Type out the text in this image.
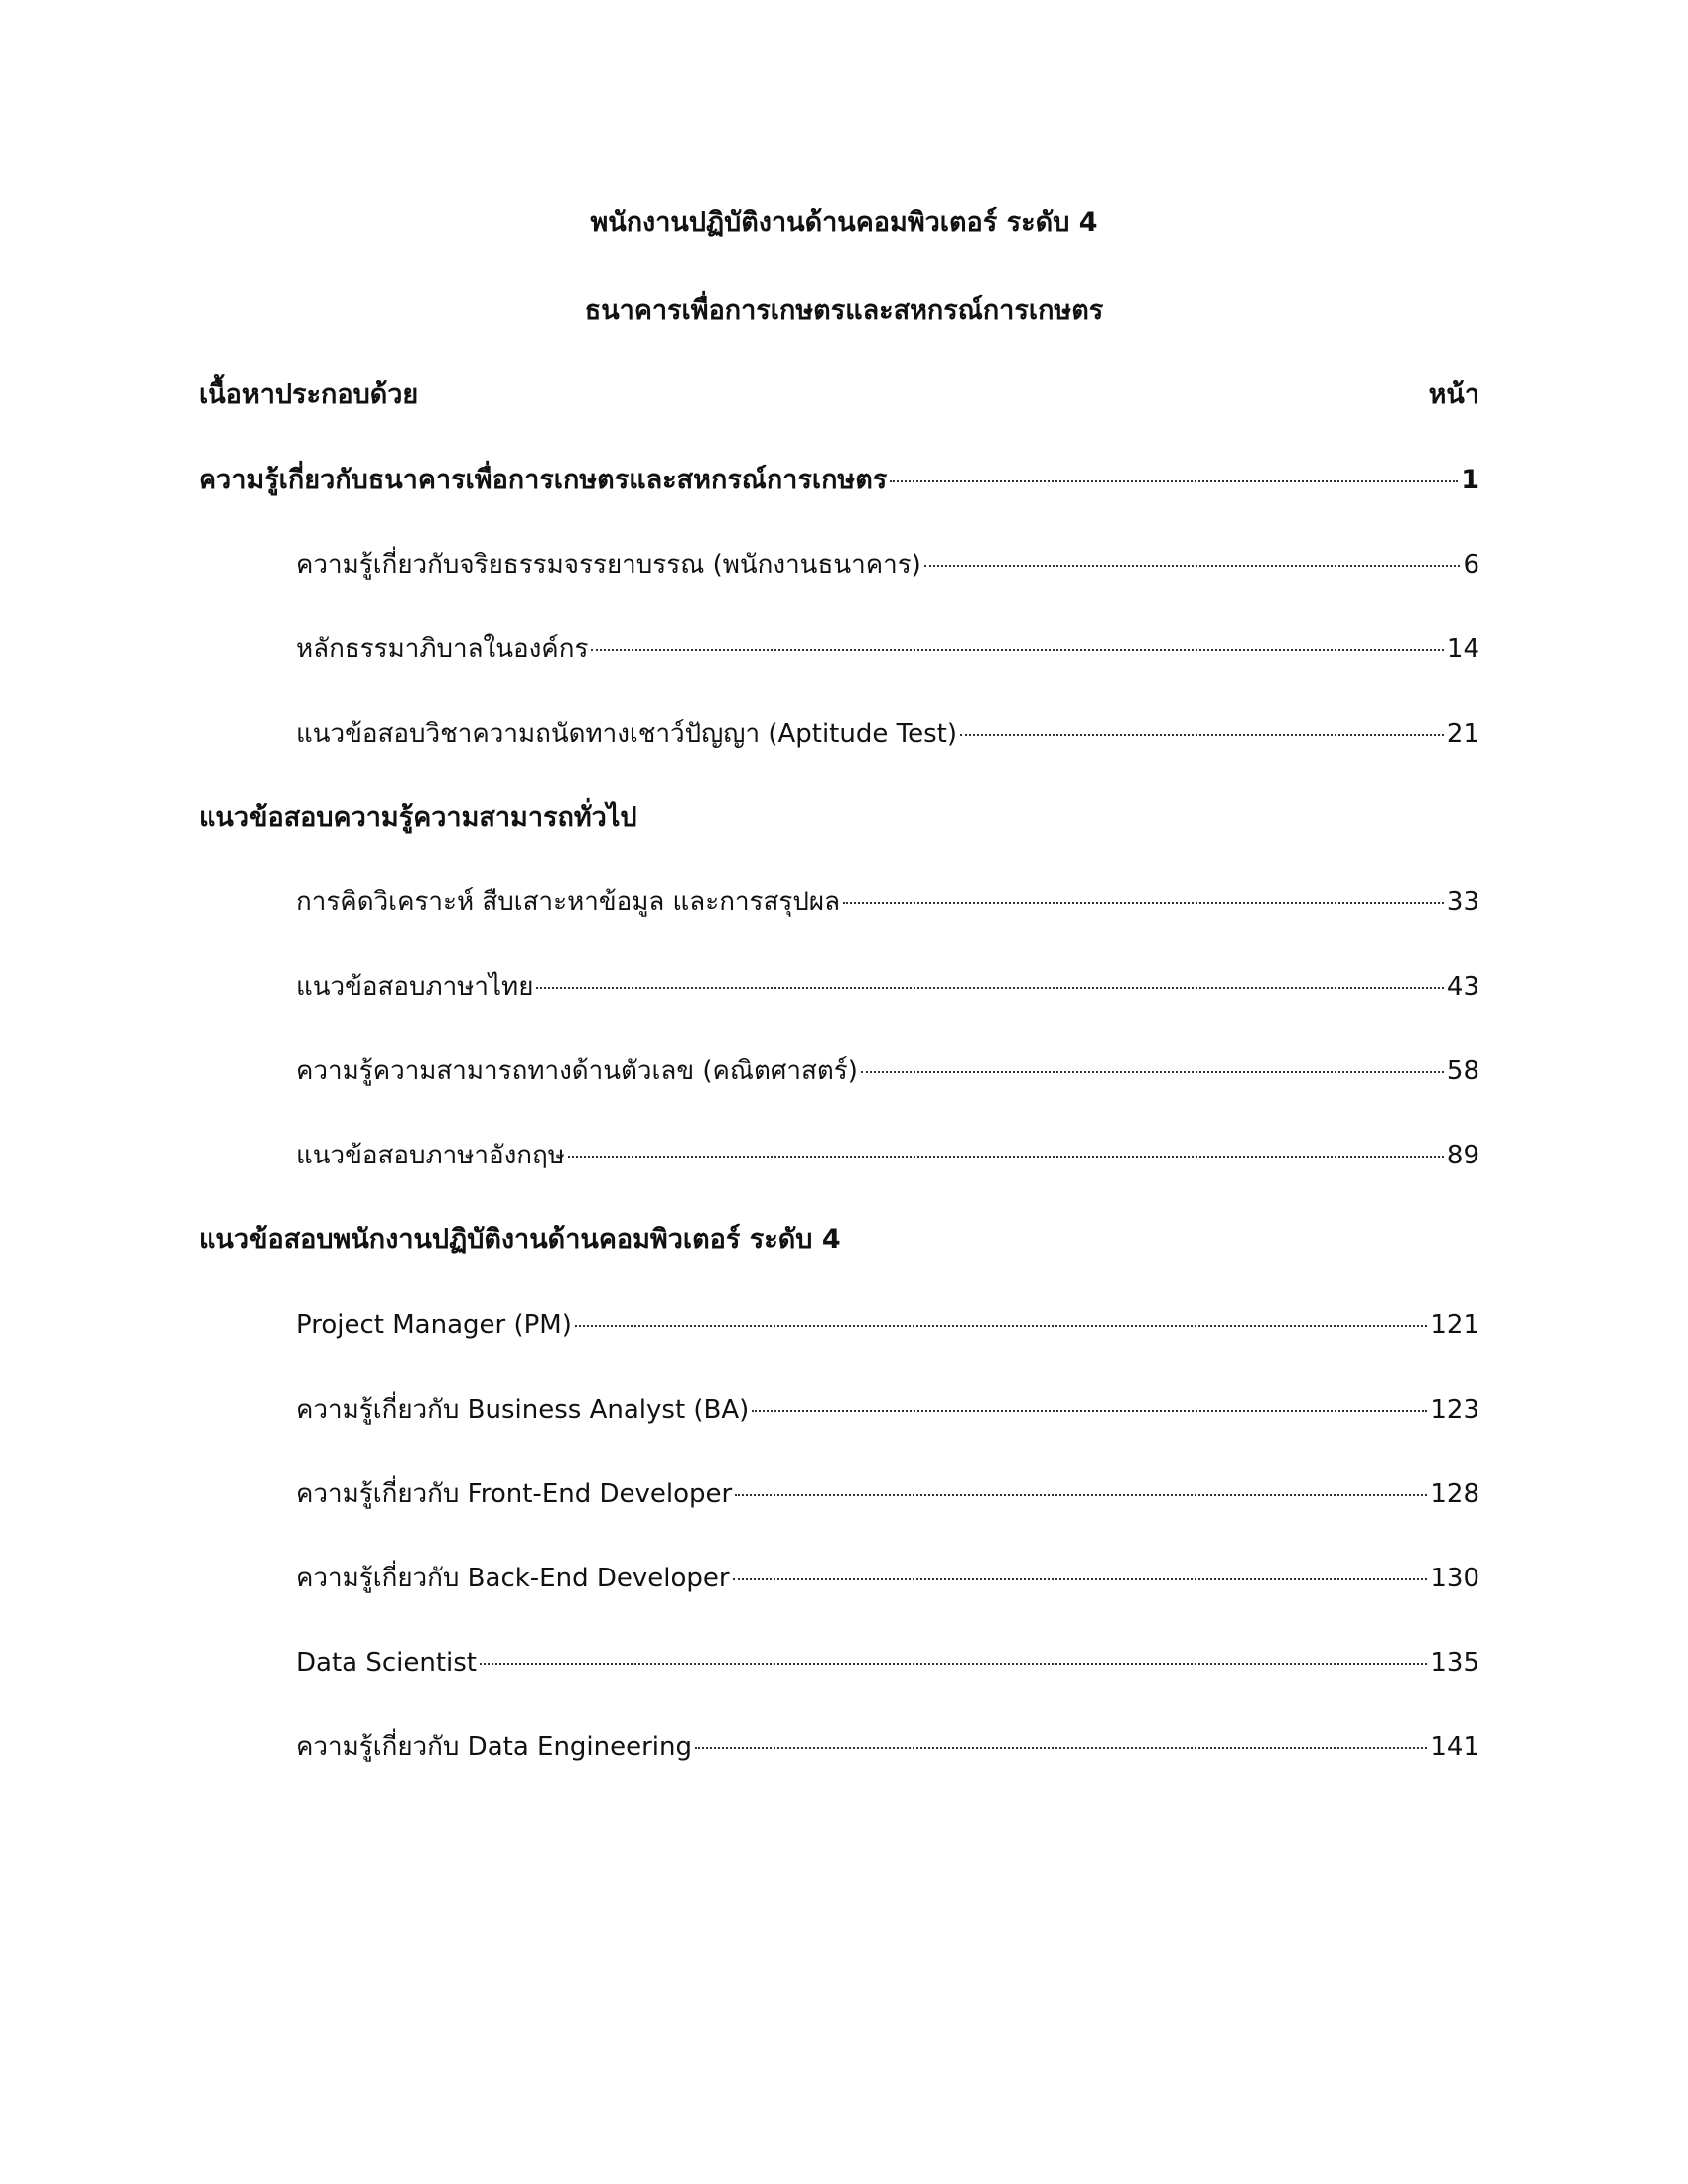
พนักงานปฏิบัติงานด้านคอมพิวเตอร์ ระดับ 4
ธนาคารเพื่อการเกษตรและสหกรณ์การเกษตร
เนื้อหาประกอบด้วย	หน้า
ความรู้เกี่ยวกับธนาคารเพื่อการเกษตรและสหกรณ์การเกษตร	1
ความรู้เกี่ยวกับจริยธรรมจรรยาบรรณ (พนักงานธนาคาร)	6
หลักธรรมาภิบาลในองค์กร	14
แนวข้อสอบวิชาความถนัดทางเชาว์ปัญญา (Aptitude Test)	21
แนวข้อสอบความรู้ความสามารถทั่วไป
การคิดวิเคราะห์ สืบเสาะหาข้อมูล และการสรุปผล	33
แนวข้อสอบภาษาไทย	43
ความรู้ความสามารถทางด้านตัวเลข (คณิตศาสตร์)	58
แนวข้อสอบภาษาอังกฤษ	89
แนวข้อสอบพนักงานปฏิบัติงานด้านคอมพิวเตอร์ ระดับ 4
Project Manager (PM)	121
ความรู้เกี่ยวกับ Business Analyst (BA)	123
ความรู้เกี่ยวกับ Front-End Developer	128
ความรู้เกี่ยวกับ Back-End Developer	130
Data Scientist	135
ความรู้เกี่ยวกับ Data Engineering	141
